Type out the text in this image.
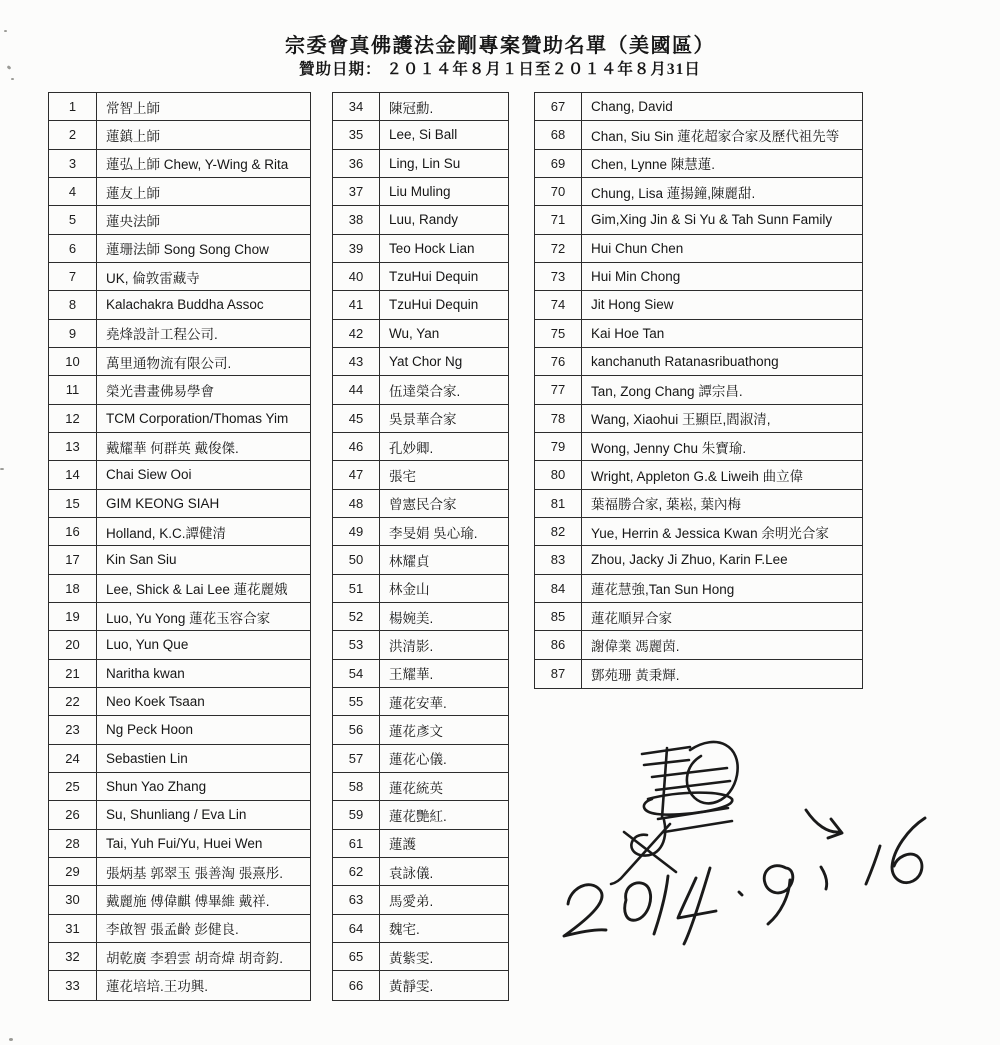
宗委會真佛護法金剛專案贊助名單（美國區）
贊助日期： ２０１４年８月１日至２０１４年８月31日
1	常智上師
2	蓮鎮上師
3	蓮弘上師 Chew, Y-Wing & Rita
4	蓮友上師
5	蓮央法師
6	蓮珊法師 Song Song Chow
7	UK, 倫敦雷藏寺
8	Kalachakra Buddha Assoc
9	堯烽設計工程公司.
10	萬里通物流有限公司.
11	榮光書畫佛易學會
12	TCM Corporation/Thomas Yim
13	戴耀華 何群英 戴俊傑.
14	Chai Siew Ooi
15	GIM KEONG SIAH
16	Holland, K.C.譚健清
17	Kin San Siu
18	Lee, Shick & Lai Lee 蓮花麗娥
19	Luo, Yu Yong 蓮花玉容合家
20	Luo, Yun Que
21	Naritha kwan
22	Neo Koek Tsaan
23	Ng Peck Hoon
24	Sebastien Lin
25	Shun Yao Zhang
26	Su, Shunliang / Eva Lin
28	Tai, Yuh Fui/Yu, Huei Wen
29	張炳基 郭翠玉 張善淘 張熹彤.
30	戴麗施 傅偉麒 傅畢維 戴祥.
31	李啟智 張孟齡 彭健良.
32	胡乾廣 李碧雲 胡奇煒 胡奇鈞.
33	蓮花培培.王功興.
34	陳冠勳.
35	Lee, Si Ball
36	Ling, Lin Su
37	Liu Muling
38	Luu, Randy
39	Teo Hock Lian
40	TzuHui Dequin
41	TzuHui Dequin
42	Wu, Yan
43	Yat Chor Ng
44	伍達榮合家.
45	吳景華合家
46	孔妙卿.
47	張宅
48	曾憲民合家
49	李旻娟 吳心瑜.
50	林耀貞
51	林金山
52	楊婉美.
53	洪清影.
54	王耀華.
55	蓮花安華.
56	蓮花彥文
57	蓮花心儀.
58	蓮花統英
59	蓮花艷紅.
61	蓮護
62	袁詠儀.
63	馬愛弟.
64	魏宅.
65	黃紫雯.
66	黃靜雯.
67	Chang, David
68	Chan, Siu Sin 蓮花超家合家及歷代祖先等
69	Chen, Lynne 陳慧蓮.
70	Chung, Lisa 蓮揚鐘,陳麗甜.
71	Gim,Xing Jin & Si Yu & Tah Sunn Family
72	Hui Chun Chen
73	Hui Min Chong
74	Jit Hong Siew
75	Kai Hoe Tan
76	kanchanuth Ratanasribuathong
77	Tan, Zong Chang 譚宗昌.
78	Wang, Xiaohui 王顯臣,閻淑清,
79	Wong, Jenny Chu 朱寶瑜.
80	Wright, Appleton G.& Liweih 曲立偉
81	葉福勝合家, 葉崧, 葉內梅
82	Yue, Herrin & Jessica Kwan 余明光合家
83	Zhou, Jacky Ji Zhuo, Karin F.Lee
84	蓮花慧強,Tan Sun Hong
85	蓮花順昇合家
86	謝偉業 馮麗茵.
87	鄧苑珊 黃秉輝.
